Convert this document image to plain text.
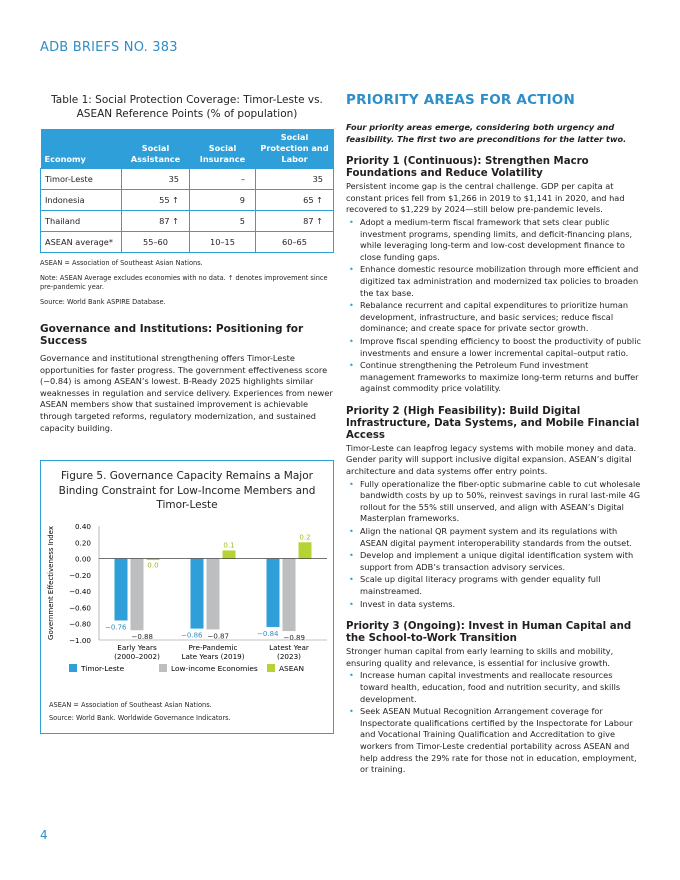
ADB BRIEFS NO. 383
Table 1: Social Protection Coverage: Timor-Leste vs. ASEAN Reference Points (% of population)
Economy	Social Assistance	Social Insurance	Social Protection and Labor
Timor-Leste	35	–	35
Indonesia	55 ↑	9	65 ↑
Thailand	87 ↑	5	87 ↑
ASEAN average*	55–60	10–15	60–65
ASEAN = Association of Southeast Asian Nations.
Note: ASEAN Average excludes economies with no data. ↑ denotes improvement since pre-pandemic year.
Source: World Bank ASPIRE Database.
Governance and Institutions: Positioning for Success
Governance and institutional strengthening offers Timor-Leste opportunities for faster progress. The government effectiveness score (−0.84) is among ASEAN’s lowest. B-Ready 2025 highlights similar weaknesses in regulation and service delivery. Experiences from newer ASEAN members show that sustained improvement is achievable through targeted reforms, regulatory modernization, and sustained capacity building.
Figure 5. Governance Capacity Remains a Major Binding Constraint for Low-Income Members and Timor-Leste
0.40
0.20
0.00
−0.20
−0.40
−0.60
−0.80
−1.00
Government Effectiveness Index	−0.76
−0.88
0.0
Early Years
(2000–2002)
−0.86 −0.87
0.1
Pre-Pandemic
Late Years (2019)
−0.84
−0.89
0.2
Latest Year
(2023)
Timor-Leste	Low-income Economies	ASEAN
ASEAN = Association of Southeast Asian Nations.
Source: World Bank. Worldwide Governance Indicators.
PRIORITY AREAS FOR ACTION
Four priority areas emerge, considering both urgency and feasibility. The first two are preconditions for the latter two.
Priority 1 (Continuous): Strengthen Macro Foundations and Reduce Volatility
Persistent income gap is the central challenge. GDP per capita at constant prices fell from $1,266 in 2019 to $1,141 in 2020, and had recovered to $1,229 by 2024—still below pre-pandemic levels.
• Adopt a medium-term fiscal framework that sets clear public investment programs, spending limits, and deficit-financing plans, while leveraging long-term and low-cost development finance to close funding gaps.
• Enhance domestic resource mobilization through more efficient and digitized tax administration and modernized tax policies to broaden the tax base.
• Rebalance recurrent and capital expenditures to prioritize human development, infrastructure, and basic services; reduce fiscal dominance; and create space for private sector growth.
• Improve fiscal spending efficiency to boost the productivity of public investments and ensure a lower incremental capital–output ratio.
• Continue strengthening the Petroleum Fund investment management frameworks to maximize long-term returns and buffer against commodity price volatility.
Priority 2 (High Feasibility): Build Digital Infrastructure, Data Systems, and Mobile Financial Access
Timor-Leste can leapfrog legacy systems with mobile money and data. Gender parity will support inclusive digital expansion. ASEAN’s digital architecture and data systems offer entry points.
• Fully operationalize the fiber-optic submarine cable to cut wholesale bandwidth costs by up to 50%, reinvest savings in rural last-mile 4G rollout for the 55% still unserved, and align with ASEAN’s Digital Masterplan frameworks.
• Align the national QR payment system and its regulations with ASEAN digital payment interoperability standards from the outset.
• Develop and implement a unique digital identification system with support from ADB’s transaction advisory services.
• Scale up digital literacy programs with gender equality full mainstreamed.
• Invest in data systems.
Priority 3 (Ongoing): Invest in Human Capital and the School-to-Work Transition
Stronger human capital from early learning to skills and mobility, ensuring quality and relevance, is essential for inclusive growth.
• Increase human capital investments and reallocate resources toward health, education, food and nutrition security, and skills development.
• Seek ASEAN Mutual Recognition Arrangement coverage for Inspectorate qualifications certified by the Inspectorate for Labour and Vocational Training Qualification and Accreditation to give workers from Timor-Leste credential portability across ASEAN and help address the 29% rate for those not in education, employment, or training.
4
